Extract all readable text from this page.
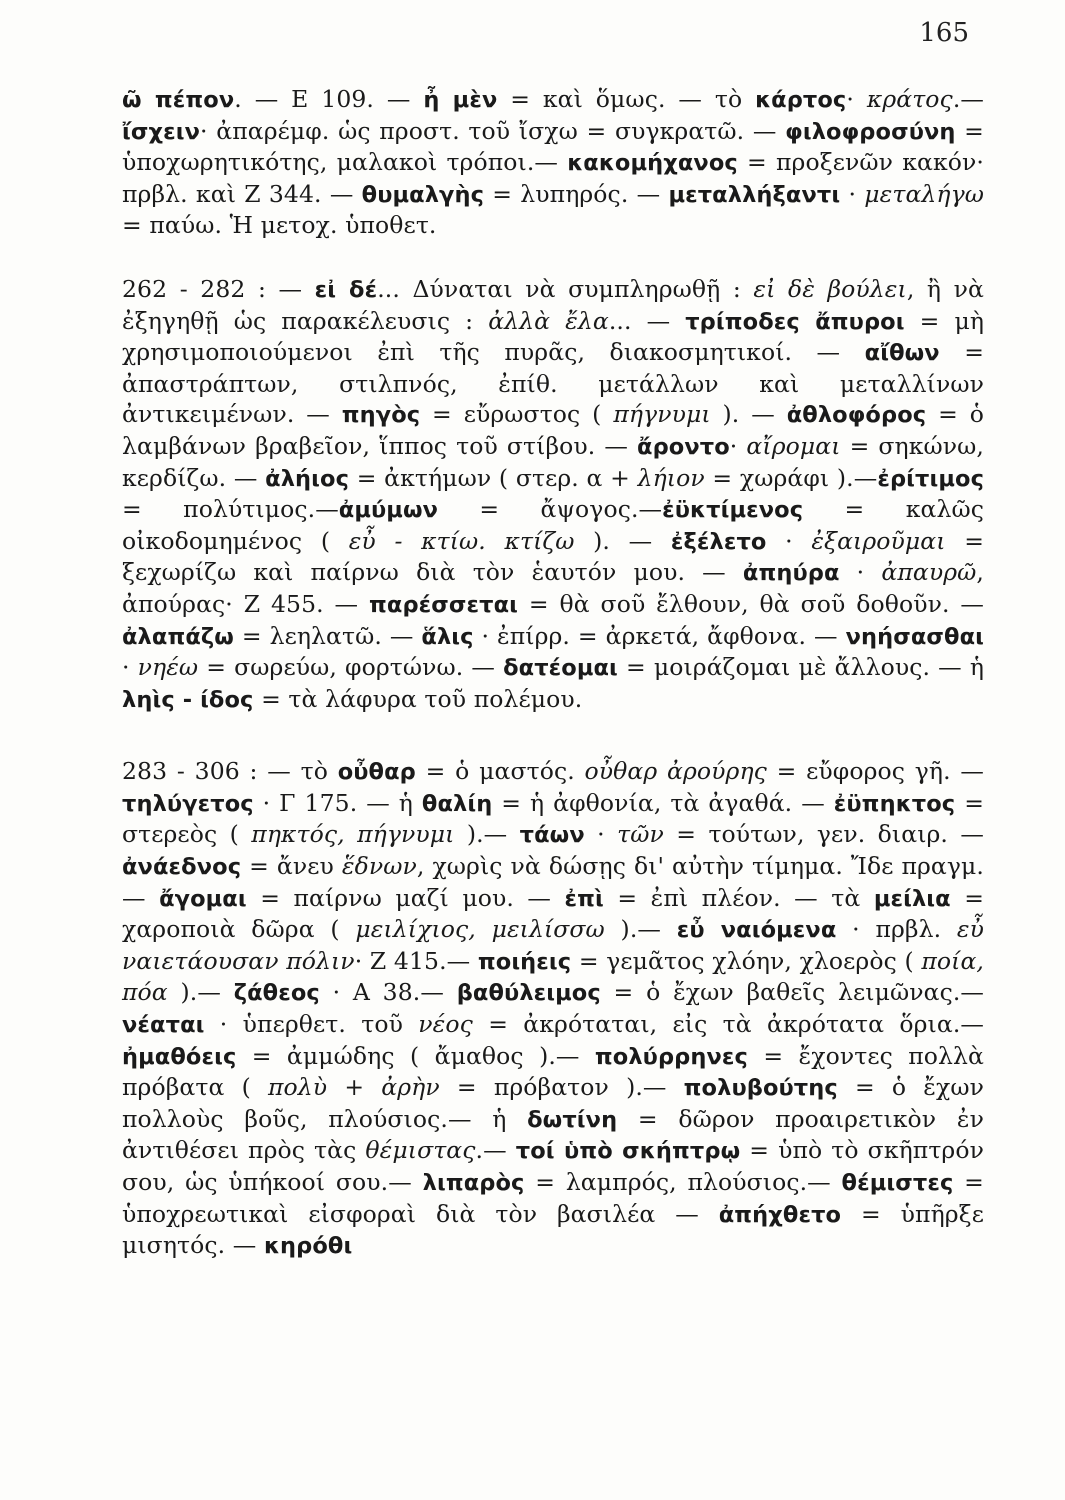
165

ῶ πέπον. — Ε 109. — ἦ μὲν = καὶ ὅμως. — τὸ κάρτος· κράτος.— ἴσχειν· ἀπαρέμφ. ὡς προστ. τοῦ ἴσχω = συγκρατῶ. — φιλοφροσύνη = ὑποχωρητικότης, μαλακοὶ τρόποι.— κακομήχανος = προξενῶν κακόν· πρβλ. καὶ Ζ 344. — θυμαλγὴς = λυπηρός. — μεταλλήξαντι · μεταλήγω = παύω. Ἡ μετοχ. ὑποθετ.

262 - 282 : — εἰ δέ... Δύναται νὰ συμπληρωθῇ : εἰ δὲ βούλει, ἢ νὰ ἐξηγηθῇ ὡς παρακέλευσις : ἀλλὰ ἔλα... — τρίποδες ἄπυροι = μὴ χρησιμοποιούμενοι ἐπὶ τῆς πυρᾶς, διακοσμητικοί. — αἴθων = ἀπαστράπτων, στιλπνός, ἐπίθ. μετάλλων καὶ μεταλλίνων ἀντικειμένων. — πηγὸς = εὔρωστος ( πήγνυμι ). — ἀθλοφόρος = ὁ λαμβάνων βραβεῖον, ἵππος τοῦ στίβου. — ἄροντο· αἴρομαι = σηκώνω, κερδίζω. — ἀλήιος = ἀκτήμων ( στερ. α + λήιον = χωράφι ).—ἐρίτιμος = πολύτιμος.—ἀμύμων = ἄψογος.—ἐϋκτίμενος = καλῶς οἰκοδομημένος ( εὖ - κτίω. κτίζω ). — ἐξέλετο · ἐξαιροῦμαι = ξεχωρίζω καὶ παίρνω διὰ τὸν ἑαυτόν μου. — ἀπηύρα · ἀπαυρῶ, ἀπούρας· Ζ 455. — παρέσσεται = θὰ σοῦ ἔλθουν, θὰ σοῦ δοθοῦν. — ἀλαπάζω = λεηλατῶ. — ἅλις · ἐπίρρ. = ἀρκετά, ἄφθονα. — νηήσασθαι · νηέω = σωρεύω, φορτώνω. — δατέομαι = μοιράζομαι μὲ ἄλλους. — ἡ ληὶς - ίδος = τὰ λάφυρα τοῦ πολέμου.

283 - 306 : — τὸ οὖθαρ = ὁ μαστός. οὖθαρ ἀρούρης = εὔφορος γῆ. — τηλύγετος · Γ 175. — ἡ θαλίη = ἡ ἀφθονία, τὰ ἀγαθά. — ἐϋπηκτος = στερεὸς ( πηκτός, πήγνυμι ).— τάων · τῶν = τούτων, γεν. διαιρ. — ἀνάεδνος = ἄνευ ἕδνων, χωρὶς νὰ δώσῃς δι' αὐτὴν τίμημα. Ἴδε πραγμ. — ἄγομαι = παίρνω μαζί μου. — ἐπὶ = ἐπὶ πλέον. — τὰ μείλια = χαροποιὰ δῶρα ( μειλίχιος, μειλίσσω ).— εὖ ναιόμενα · πρβλ. εὖ ναιετάουσαν πόλιν· Ζ 415.— ποιήεις = γεμᾶτος χλόην, χλοερὸς ( ποία, πόα ).— ζάθεος · Α 38.— βαθύλειμος = ὁ ἔχων βαθεῖς λειμῶνας.— νέαται · ὑπερθετ. τοῦ νέος = ἀκρόταται, εἰς τὰ ἀκρότατα ὅρια.— ἠμαθόεις = ἀμμώδης ( ἄμαθος ).— πολύρρηνες = ἔχοντες πολλὰ πρόβατα ( πολὺ + ἀρὴν = πρόβατον ).— πολυβούτης = ὁ ἔχων πολλοὺς βοῦς, πλούσιος.— ἡ δωτίνη = δῶρον προαιρετικὸν ἐν ἀντιθέσει πρὸς τὰς θέμιστας.— τοί ὑπὸ σκήπτρῳ = ὑπὸ τὸ σκῆπτρόν σου, ὡς ὑπήκοοί σου.— λιπαρὸς = λαμπρός, πλούσιος.— θέμιστες = ὑποχρεωτικαὶ εἰσφοραὶ διὰ τὸν βασιλέα — ἀπήχθετο = ὑπῆρξε μισητός. — κηρόθι
